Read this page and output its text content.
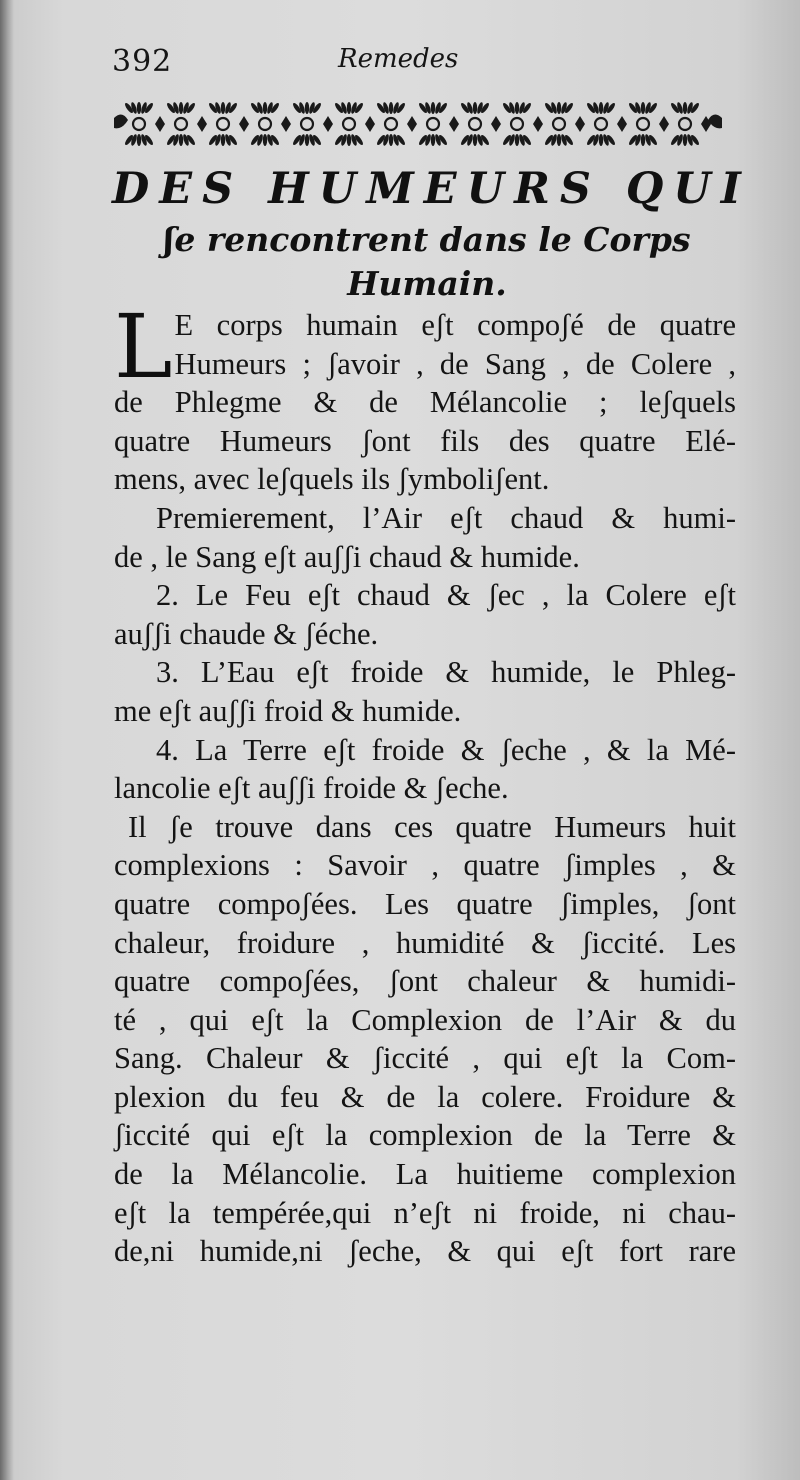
392	Remedes
DES HUMEURS QUI
ʃe rencontrent dans le Corps
Humain.
L E corps humain eʃt compoʃé de quatre
Humeurs ; ʃavoir , de Sang , de Colere ,
de Phlegme & de Mélancolie ; leʃquels
quatre Humeurs ʃont fils des quatre Elé-
mens, avec leʃquels ils ʃymboliʃent.
Premierement, l’Air eʃt chaud & humi-
de , le Sang eʃt auʃʃi chaud & humide.
2. Le Feu eʃt chaud & ʃec , la Colere eʃt
auʃʃi chaude & ʃéche.
3. L’Eau eʃt froide & humide, le Phleg-
me eʃt auʃʃi froid & humide.
4. La Terre eʃt froide & ʃeche , & la Mé-
lancolie eʃt auʃʃi froide & ʃeche.
Il ʃe trouve dans ces quatre Humeurs huit
complexions : Savoir , quatre ʃimples , &
quatre compoʃées. Les quatre ʃimples, ʃont
chaleur, froidure , humidité & ʃiccité. Les
quatre compoʃées, ʃont chaleur & humidi-
té , qui eʃt la Complexion de l’Air & du
Sang. Chaleur & ʃiccité , qui eʃt la Com-
plexion du feu & de la colere. Froidure &
ʃiccité qui eʃt la complexion de la Terre &
de la Mélancolie. La huitieme complexion
eʃt la tempérée,qui n’eʃt ni froide, ni chau-
de,ni humide,ni ʃeche, & qui eʃt fort rare
